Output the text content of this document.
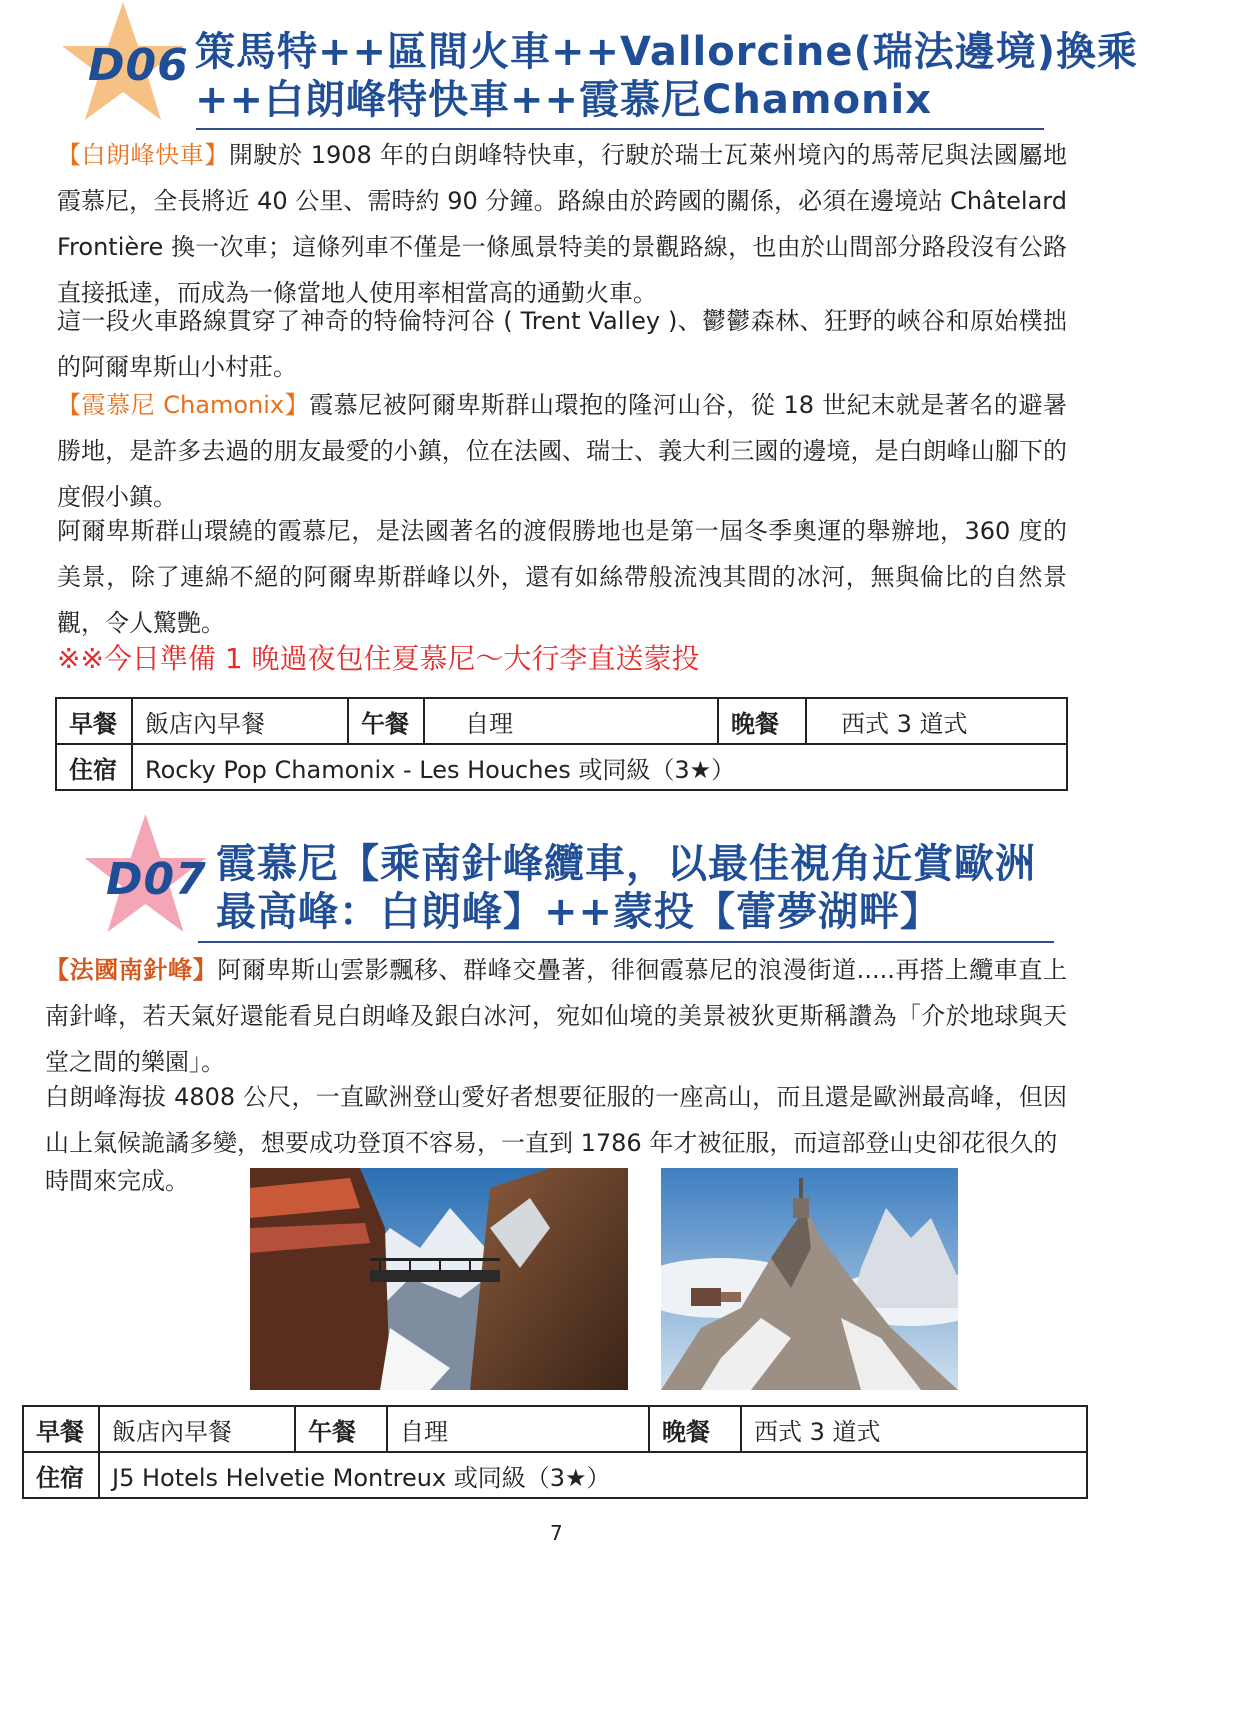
D06 策馬特++區間火車++Vallorcine(瑞法邊境)換乘
++白朗峰特快車++霞慕尼Chamonix
【白朗峰快車】開駛於 1908 年的白朗峰特快車，行駛於瑞士瓦萊州境內的馬蒂尼與法國屬地霞慕尼，全長將近 40 公里、需時約 90 分鐘。路線由於跨國的關係，必須在邊境站 Châtelard Frontière 換一次車；這條列車不僅是一條風景特美的景觀路線，也由於山間部分路段沒有公路直接抵達，而成為一條當地人使用率相當高的通勤火車。
這一段火車路線貫穿了神奇的特倫特河谷 ( Trent Valley )、鬱鬱森林、狂野的峽谷和原始樸拙的阿爾卑斯山小村莊。
【霞慕尼 Chamonix】霞慕尼被阿爾卑斯群山環抱的隆河山谷，從 18 世紀末就是著名的避暑勝地，是許多去過的朋友最愛的小鎮，位在法國、瑞士、義大利三國的邊境，是白朗峰山腳下的度假小鎮。
阿爾卑斯群山環繞的霞慕尼，是法國著名的渡假勝地也是第一屆冬季奧運的舉辦地，360 度的美景，除了連綿不絕的阿爾卑斯群峰以外，還有如絲帶般流洩其間的冰河，無與倫比的自然景觀，令人驚艷。
※※今日準備 1 晚過夜包住夏慕尼～大行李直送蒙投
早餐	飯店內早餐	午餐	自理	晚餐	西式 3 道式
住宿	Rocky Pop Chamonix - Les Houches 或同級（3★）				
D07 霞慕尼【乘南針峰纜車，以最佳視角近賞歐洲
最高峰：白朗峰】++蒙投【蕾夢湖畔】
【法國南針峰】阿爾卑斯山雲影飄移、群峰交疊著，徘徊霞慕尼的浪漫街道.....再搭上纜車直上南針峰，若天氣好還能看見白朗峰及銀白冰河，宛如仙境的美景被狄更斯稱讚為「介於地球與天堂之間的樂園」。
白朗峰海拔 4808 公尺，一直歐洲登山愛好者想要征服的一座高山，而且還是歐洲最高峰，但因山上氣候詭譎多變，想要成功登頂不容易，一直到 1786 年才被征服，而這部登山史卻花很久的
時間來完成。
早餐	飯店內早餐	午餐	自理	晚餐	西式 3 道式
住宿	J5 Hotels Helvetie Montreux 或同級（3★）				
7
